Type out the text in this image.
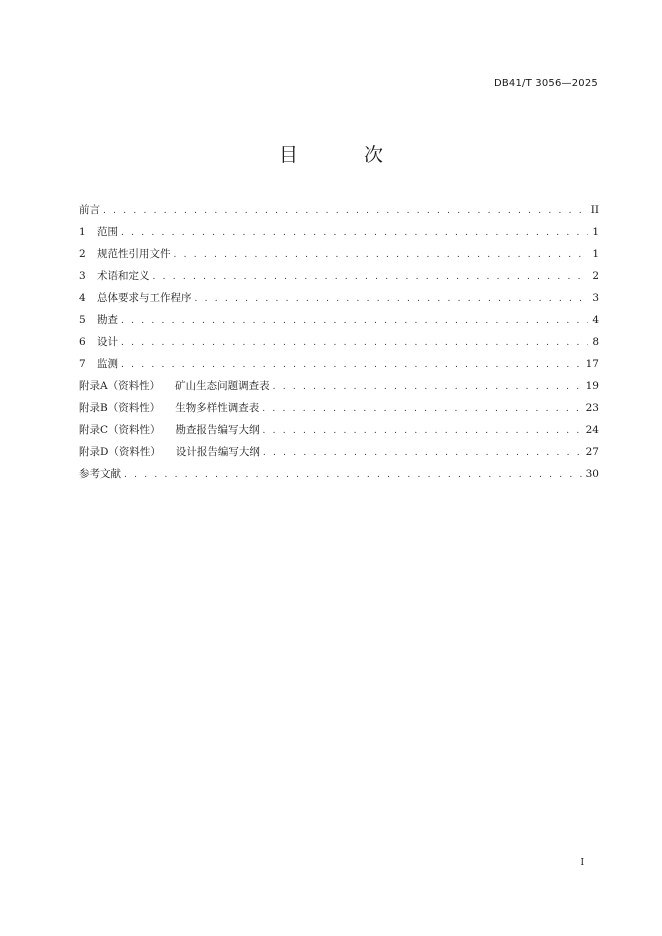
DB41/T 3056—2025
目 次
前言 . . .	II
1 范围 . . .	1
2 规范性引用文件 . . .	1
3 术语和定义 . . .	2
4 总体要求与工作程序 . . .	3
5 勘查 . . .	4
6 设计 . . .	8
7 监测 . . .	17
附录A（资料性） 矿山生态问题调查表 . . .	19
附录B（资料性） 生物多样性调查表 . . .	23
附录C（资料性） 勘查报告编写大纲 . . .	24
附录D（资料性） 设计报告编写大纲 . . .	27
参考文献 . . .	30
I
